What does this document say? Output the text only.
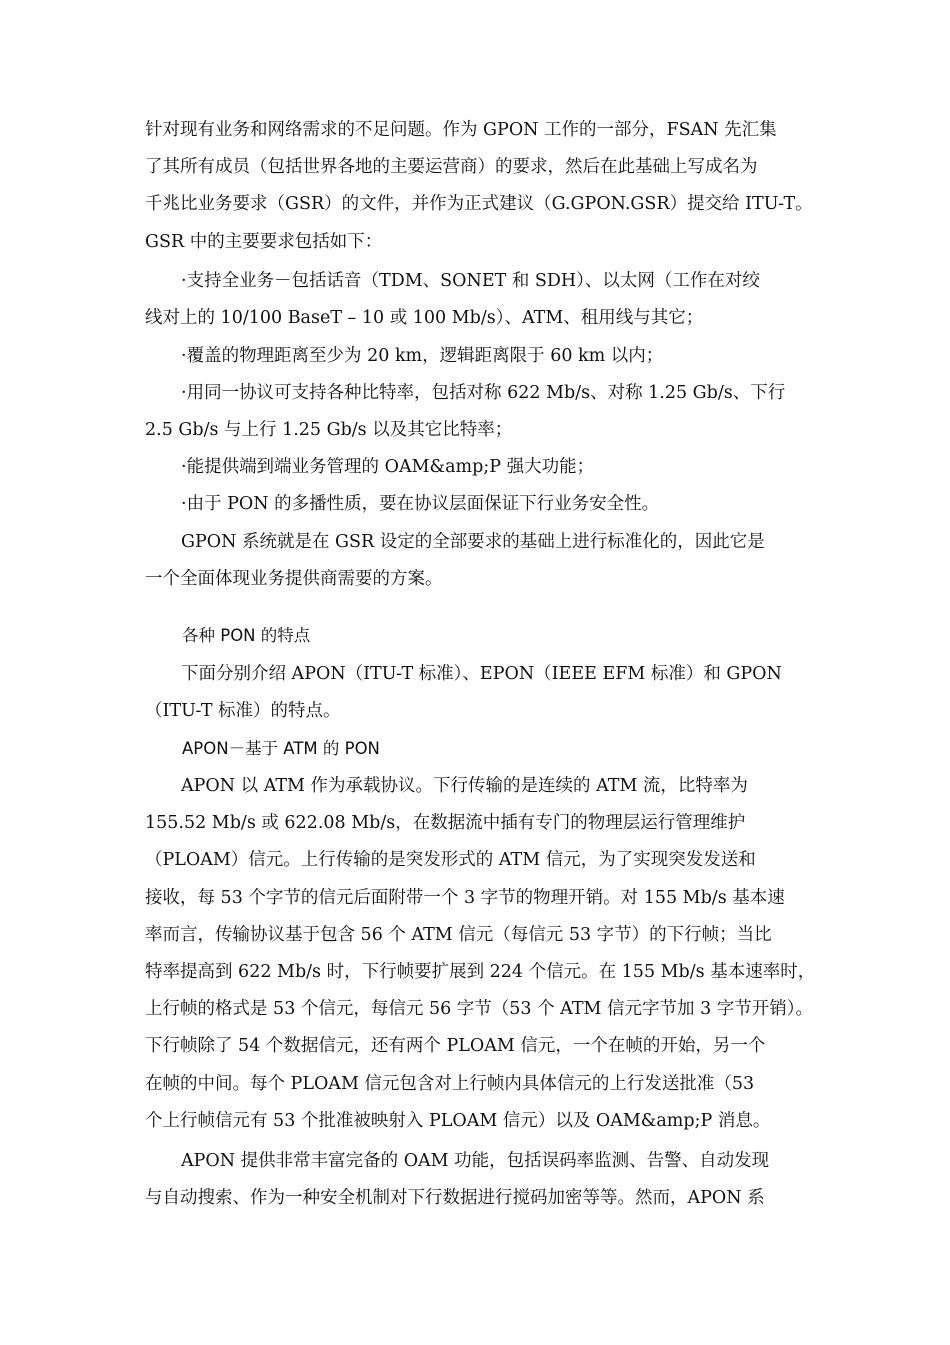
针对现有业务和网络需求的不足问题。作为 GPON 工作的一部分，FSAN 先汇集
了其所有成员（包括世界各地的主要运营商）的要求，然后在此基础上写成名为
千兆比业务要求（GSR）的文件，并作为正式建议（G.GPON.GSR）提交给 ITU-T。
GSR 中的主要要求包括如下：
·支持全业务－包括话音（TDM、SONET 和 SDH）、以太网（工作在对绞
线对上的 10/100 BaseT – 10 或 100 Mb/s）、ATM、租用线与其它；
·覆盖的物理距离至少为 20 km，逻辑距离限于 60 km 以内；
·用同一协议可支持各种比特率，包括对称 622 Mb/s、对称 1.25 Gb/s、下行
2.5 Gb/s 与上行 1.25 Gb/s 以及其它比特率；
·能提供端到端业务管理的 OAM&amp;P 强大功能；
·由于 PON 的多播性质，要在协议层面保证下行业务安全性。
GPON 系统就是在 GSR 设定的全部要求的基础上进行标准化的，因此它是
一个全面体现业务提供商需要的方案。
各种 PON 的特点
下面分别介绍 APON（ITU-T 标准）、EPON（IEEE EFM 标准）和 GPON
（ITU-T 标准）的特点。
APON－基于 ATM 的 PON
APON 以 ATM 作为承载协议。下行传输的是连续的 ATM 流，比特率为
155.52 Mb/s 或 622.08 Mb/s，在数据流中插有专门的物理层运行管理维护
（PLOAM）信元。上行传输的是突发形式的 ATM 信元，为了实现突发发送和
接收，每 53 个字节的信元后面附带一个 3 字节的物理开销。对 155 Mb/s 基本速
率而言，传输协议基于包含 56 个 ATM 信元（每信元 53 字节）的下行帧；当比
特率提高到 622 Mb/s 时，下行帧要扩展到 224 个信元。在 155 Mb/s 基本速率时，
上行帧的格式是 53 个信元，每信元 56 字节（53 个 ATM 信元字节加 3 字节开销）。
下行帧除了 54 个数据信元，还有两个 PLOAM 信元，一个在帧的开始，另一个
在帧的中间。每个 PLOAM 信元包含对上行帧内具体信元的上行发送批准（53
个上行帧信元有 53 个批准被映射入 PLOAM 信元）以及 OAM&amp;P 消息。
APON 提供非常丰富完备的 OAM 功能，包括误码率监测、告警、自动发现
与自动搜索、作为一种安全机制对下行数据进行搅码加密等等。然而，APON 系
